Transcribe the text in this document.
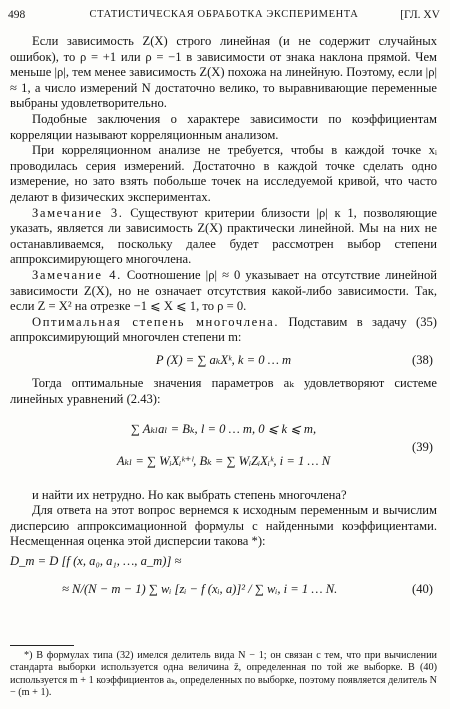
498	СТАТИСТИЧЕСКАЯ ОБРАБОТКА ЭКСПЕРИМЕНТА	[ГЛ. XV

Если зависимость Z(X) строго линейная (и не содержит случайных ошибок), то ρ = +1 или ρ = −1 в зависимости от знака наклона прямой. Чем меньше |ρ|, тем менее зависимость Z(X) похожа на линейную. Поэтому, если |ρ| ≈ 1, а число измерений N достаточно велико, то выравнивающие переменные выбраны удовлетворительно.

Подобные заключения о характере зависимости по коэффициентам корреляции называют корреляционным анализом.

При корреляционном анализе не требуется, чтобы в каждой точке xᵢ проводилась серия измерений. Достаточно в каждой точке сделать одно измерение, но зато взять побольше точек на исследуемой кривой, что часто делают в физических экспериментах.

Замечание 3. Существуют критерии близости |ρ| к 1, позволяющие указать, является ли зависимость Z(X) практически линейной. Мы на них не останавливаемся, поскольку далее будет рассмотрен выбор степени аппроксимирующего многочлена.

Замечание 4. Соотношение |ρ| ≈ 0 указывает на отсутствие линейной зависимости Z(X), но не означает отсутствия какой-либо зависимости. Так, если Z = X² на отрезке −1 ⩽ X ⩽ 1, то ρ = 0.

Оптимальная степень многочлена. Подставим в задачу (35) аппроксимирующий многочлен степени m:

P (X) = ∑ aₖXᵏ, k = 0 … m	(38)

Тогда оптимальные значения параметров aₖ удовлетворяют системе линейных уравнений (2.43):

∑ Aₖₗaₗ = Bₖ, l = 0 … m, 0 ⩽ k ⩽ m,
Aₖₗ = ∑ WᵢXᵢᵏ⁺ˡ, Bₖ = ∑ WᵢZᵢXᵢᵏ, i = 1 … N
(39)

и найти их нетрудно. Но как выбрать степень многочлена?

Для ответа на этот вопрос вернемся к исходным переменным и вычислим дисперсию аппроксимационной формулы с найденными коэффициентами. Несмещенная оценка этой дисперсии такова *):

D_m = D [f (x, a₀, a₁, …, a_m)] ≈
≈ N/(N − m − 1) ∑ wᵢ [zᵢ − f (xᵢ, a)]² / ∑ wᵢ, i = 1 … N.	(40)

*) В формулах типа (32) имелся делитель вида N − 1; он связан с тем, что при вычислении стандарта выборки используется одна величина z̄, определенная по той же выборке. В (40) используется m + 1 коэффициентов aₖ, определенных по выборке, поэтому появляется делитель N − (m + 1).
